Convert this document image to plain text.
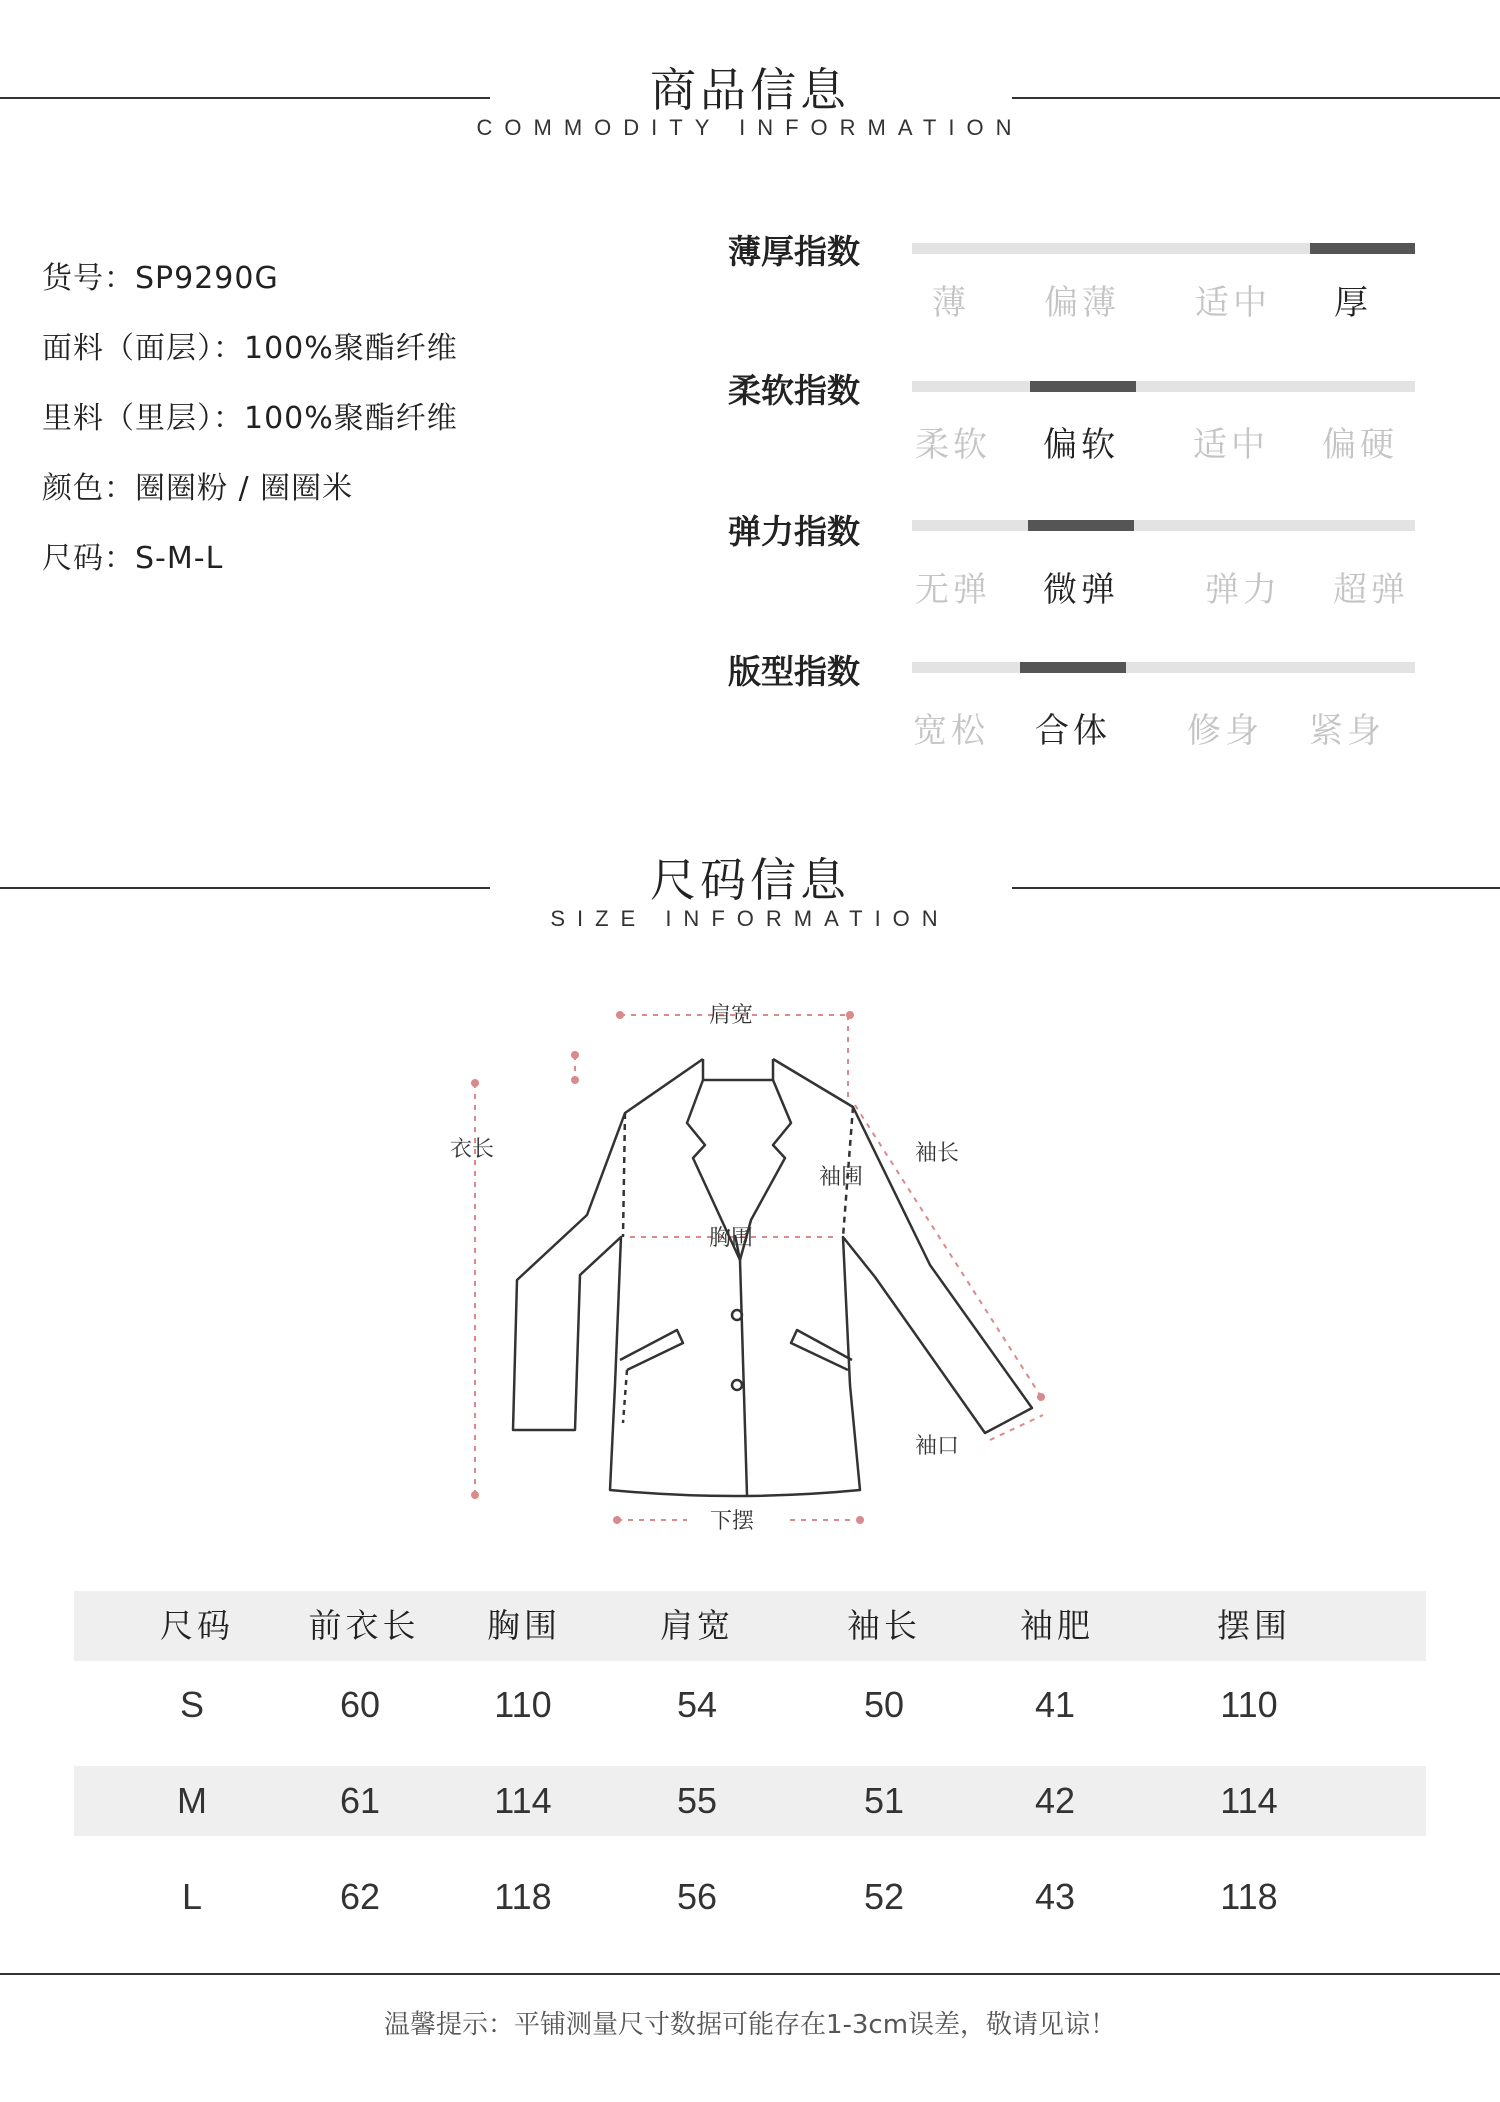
商品信息
COMMODITY INFORMATION
货号：SP9290G
面料（面层）：100%聚酯纤维
里料（里层）：100%聚酯纤维
颜色：圈圈粉 / 圈圈米
尺码：S-M-L
薄厚指数
薄	偏薄	适中	厚
柔软指数
柔软	偏软	适中	偏硬
弹力指数
无弹	微弹	弹力	超弹
版型指数
宽松	合体	修身	紧身
尺码信息
SIZE INFORMATION
肩宽
衣长
袖围
袖长
胸围
袖口
下摆
尺码	前衣长	胸围	肩宽	袖长	袖肥	摆围
S	60	110	54	50	41	110
M	61	114	55	51	42	114
L	62	118	56	52	43	118
温馨提示：平铺测量尺寸数据可能存在1-3cm误差，敬请见谅！
